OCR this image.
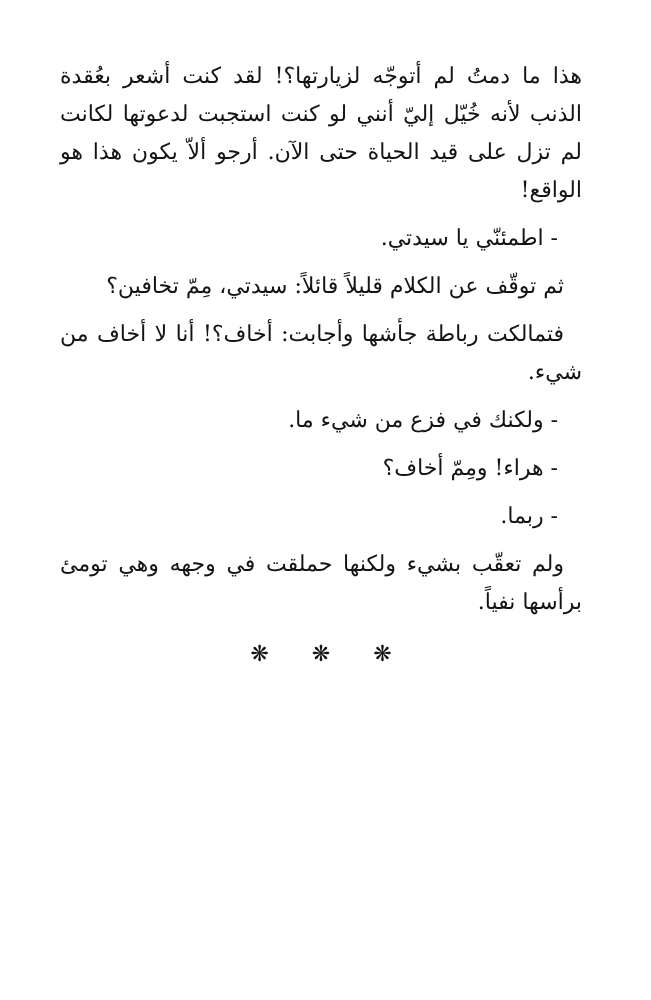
هذا ما دمتُ لم أتوجّه لزيارتها؟! لقد كنت أشعر بعُقدة الذنب لأنه خُيّل إليّ أنني لو كنت استجبت لدعوتها لكانت لم تزل على قيد الحياة حتى الآن. أرجو ألاّ يكون هذا هو الواقع!

- اطمئنّي يا سيدتي.

ثم توقّف عن الكلام قليلاً قائلاً: سيدتي، مِمّ تخافين؟

فتمالكت رباطة جأشها وأجابت: أخاف؟! أنا لا أخاف من شيء.

- ولكنك في فزع من شيء ما.

- هراء! ومِمّ أخاف؟

- ربما.

ولم تعقّب بشيء ولكنها حملقت في وجهه وهي تومئ برأسها نفياً.

❋ ❋ ❋
